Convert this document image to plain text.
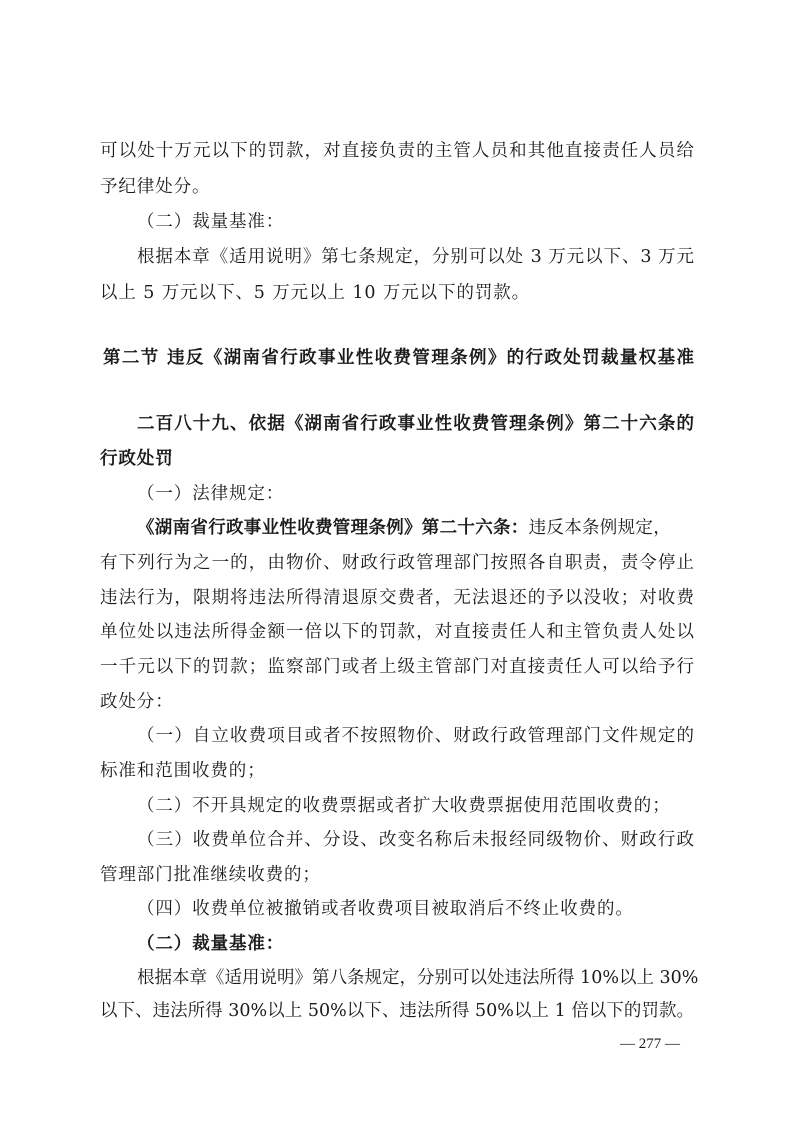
可以处十万元以下的罚款，对直接负责的主管人员和其他直接责任人员给
予纪律处分。
（二）裁量基准：
根据本章《适用说明》第七条规定，分别可以处 3 万元以下、3 万元
以上 5 万元以下、5 万元以上 10 万元以下的罚款。
第二节 违反《湖南省行政事业性收费管理条例》的行政处罚裁量权基准
二百八十九、依据《湖南省行政事业性收费管理条例》第二十六条的
行政处罚
（一）法律规定：
《湖南省行政事业性收费管理条例》第二十六条：违反本条例规定，
有下列行为之一的，由物价、财政行政管理部门按照各自职责，责令停止
违法行为，限期将违法所得清退原交费者，无法退还的予以没收；对收费
单位处以违法所得金额一倍以下的罚款，对直接责任人和主管负责人处以
一千元以下的罚款；监察部门或者上级主管部门对直接责任人可以给予行
政处分：
（一）自立收费项目或者不按照物价、财政行政管理部门文件规定的
标准和范围收费的；
（二）不开具规定的收费票据或者扩大收费票据使用范围收费的；
（三）收费单位合并、分设、改变名称后未报经同级物价、财政行政
管理部门批准继续收费的；
（四）收费单位被撤销或者收费项目被取消后不终止收费的。
（二）裁量基准：
根据本章《适用说明》第八条规定，分别可以处违法所得 10%以上 30%
以下、违法所得 30%以上 50%以下、违法所得 50%以上 1 倍以下的罚款。
— 277 —
